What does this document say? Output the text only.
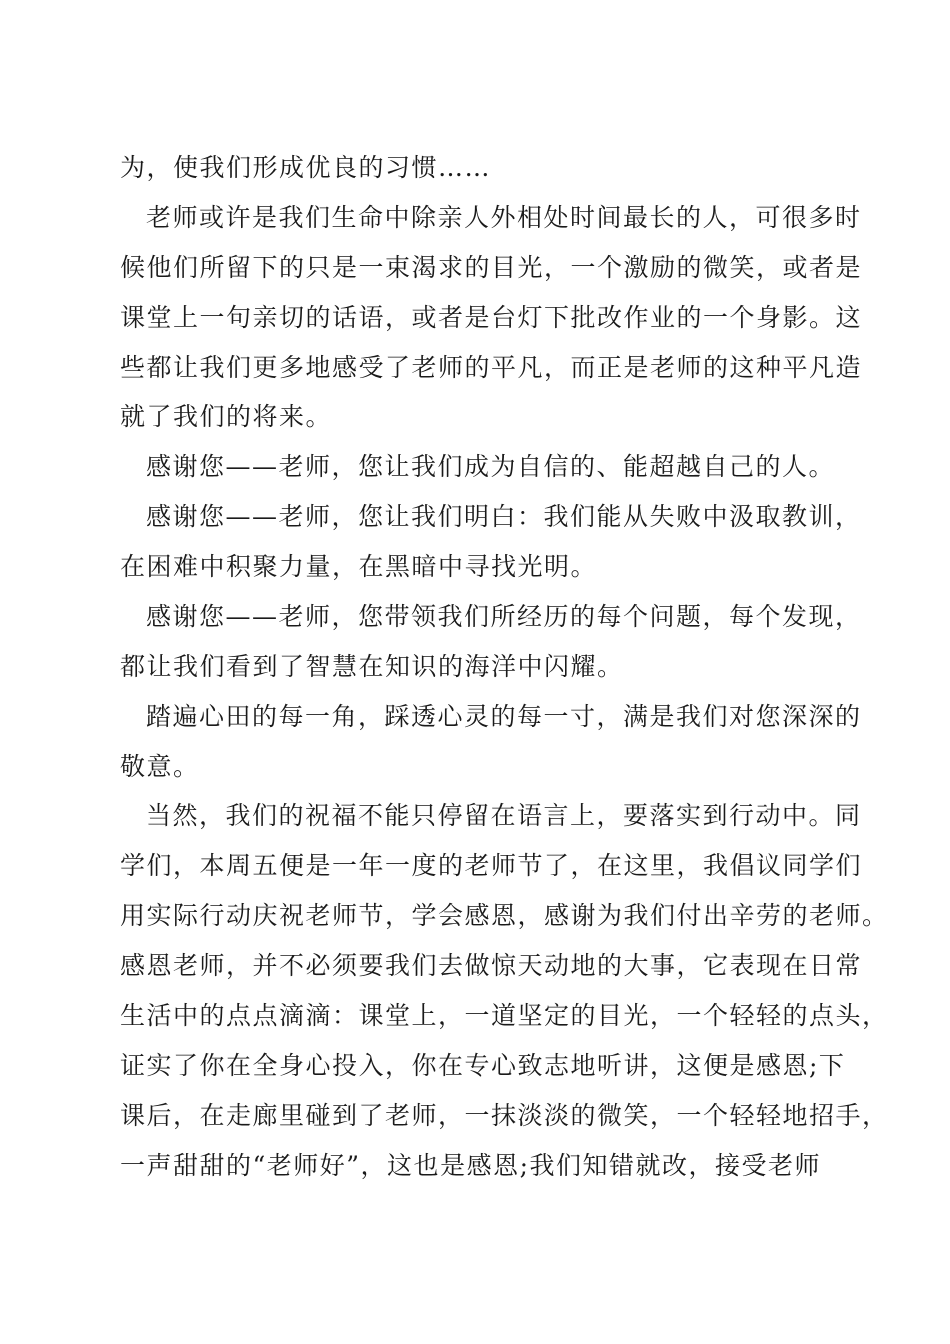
为，使我们形成优良的习惯……
老师或许是我们生命中除亲人外相处时间最长的人，可很多时
候他们所留下的只是一束渴求的目光，一个激励的微笑，或者是
课堂上一句亲切的话语，或者是台灯下批改作业的一个身影。这
些都让我们更多地感受了老师的平凡，而正是老师的这种平凡造
就了我们的将来。
感谢您——老师，您让我们成为自信的、能超越自己的人。
感谢您——老师，您让我们明白：我们能从失败中汲取教训，
在困难中积聚力量，在黑暗中寻找光明。
感谢您——老师，您带领我们所经历的每个问题，每个发现，
都让我们看到了智慧在知识的海洋中闪耀。
踏遍心田的每一角，踩透心灵的每一寸，满是我们对您深深的
敬意。
当然，我们的祝福不能只停留在语言上，要落实到行动中。同
学们，本周五便是一年一度的老师节了，在这里，我倡议同学们
用实际行动庆祝老师节，学会感恩，感谢为我们付出辛劳的老师。
感恩老师，并不必须要我们去做惊天动地的大事，它表现在日常
生活中的点点滴滴：课堂上，一道坚定的目光，一个轻轻的点头，
证实了你在全身心投入，你在专心致志地听讲，这便是感恩;下
课后，在走廊里碰到了老师，一抹淡淡的微笑，一个轻轻地招手，
一声甜甜的“老师好”，这也是感恩;我们知错就改，接受老师
